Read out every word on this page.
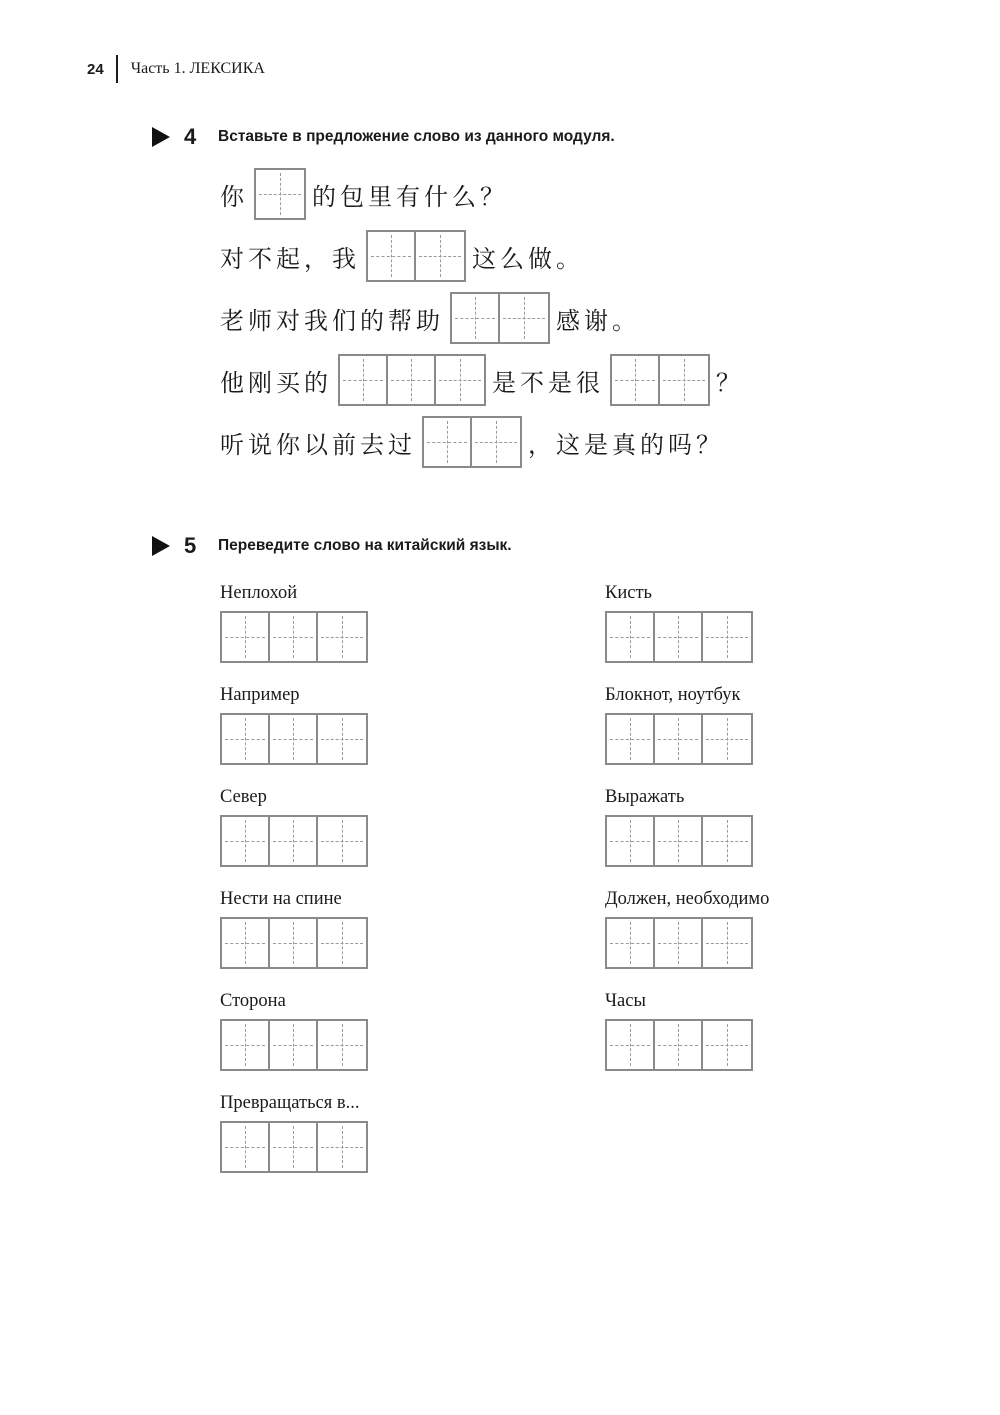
24 Часть 1. ЛЕКСИКА
4	Вставьте в предложение слово из данного модуля.
你	的包里有什么？
对不起，我	这么做。
老师对我们的帮助	感谢。
他刚买的	是不是很	？
听说你以前去过	，这是真的吗？
5	Переведите слово на китайский язык.
Неплохой
Например
Север
Нести на спине
Сторона
Превращаться в...
Кисть
Блокнот, ноутбук
Выражать
Должен, необходимо
Часы
